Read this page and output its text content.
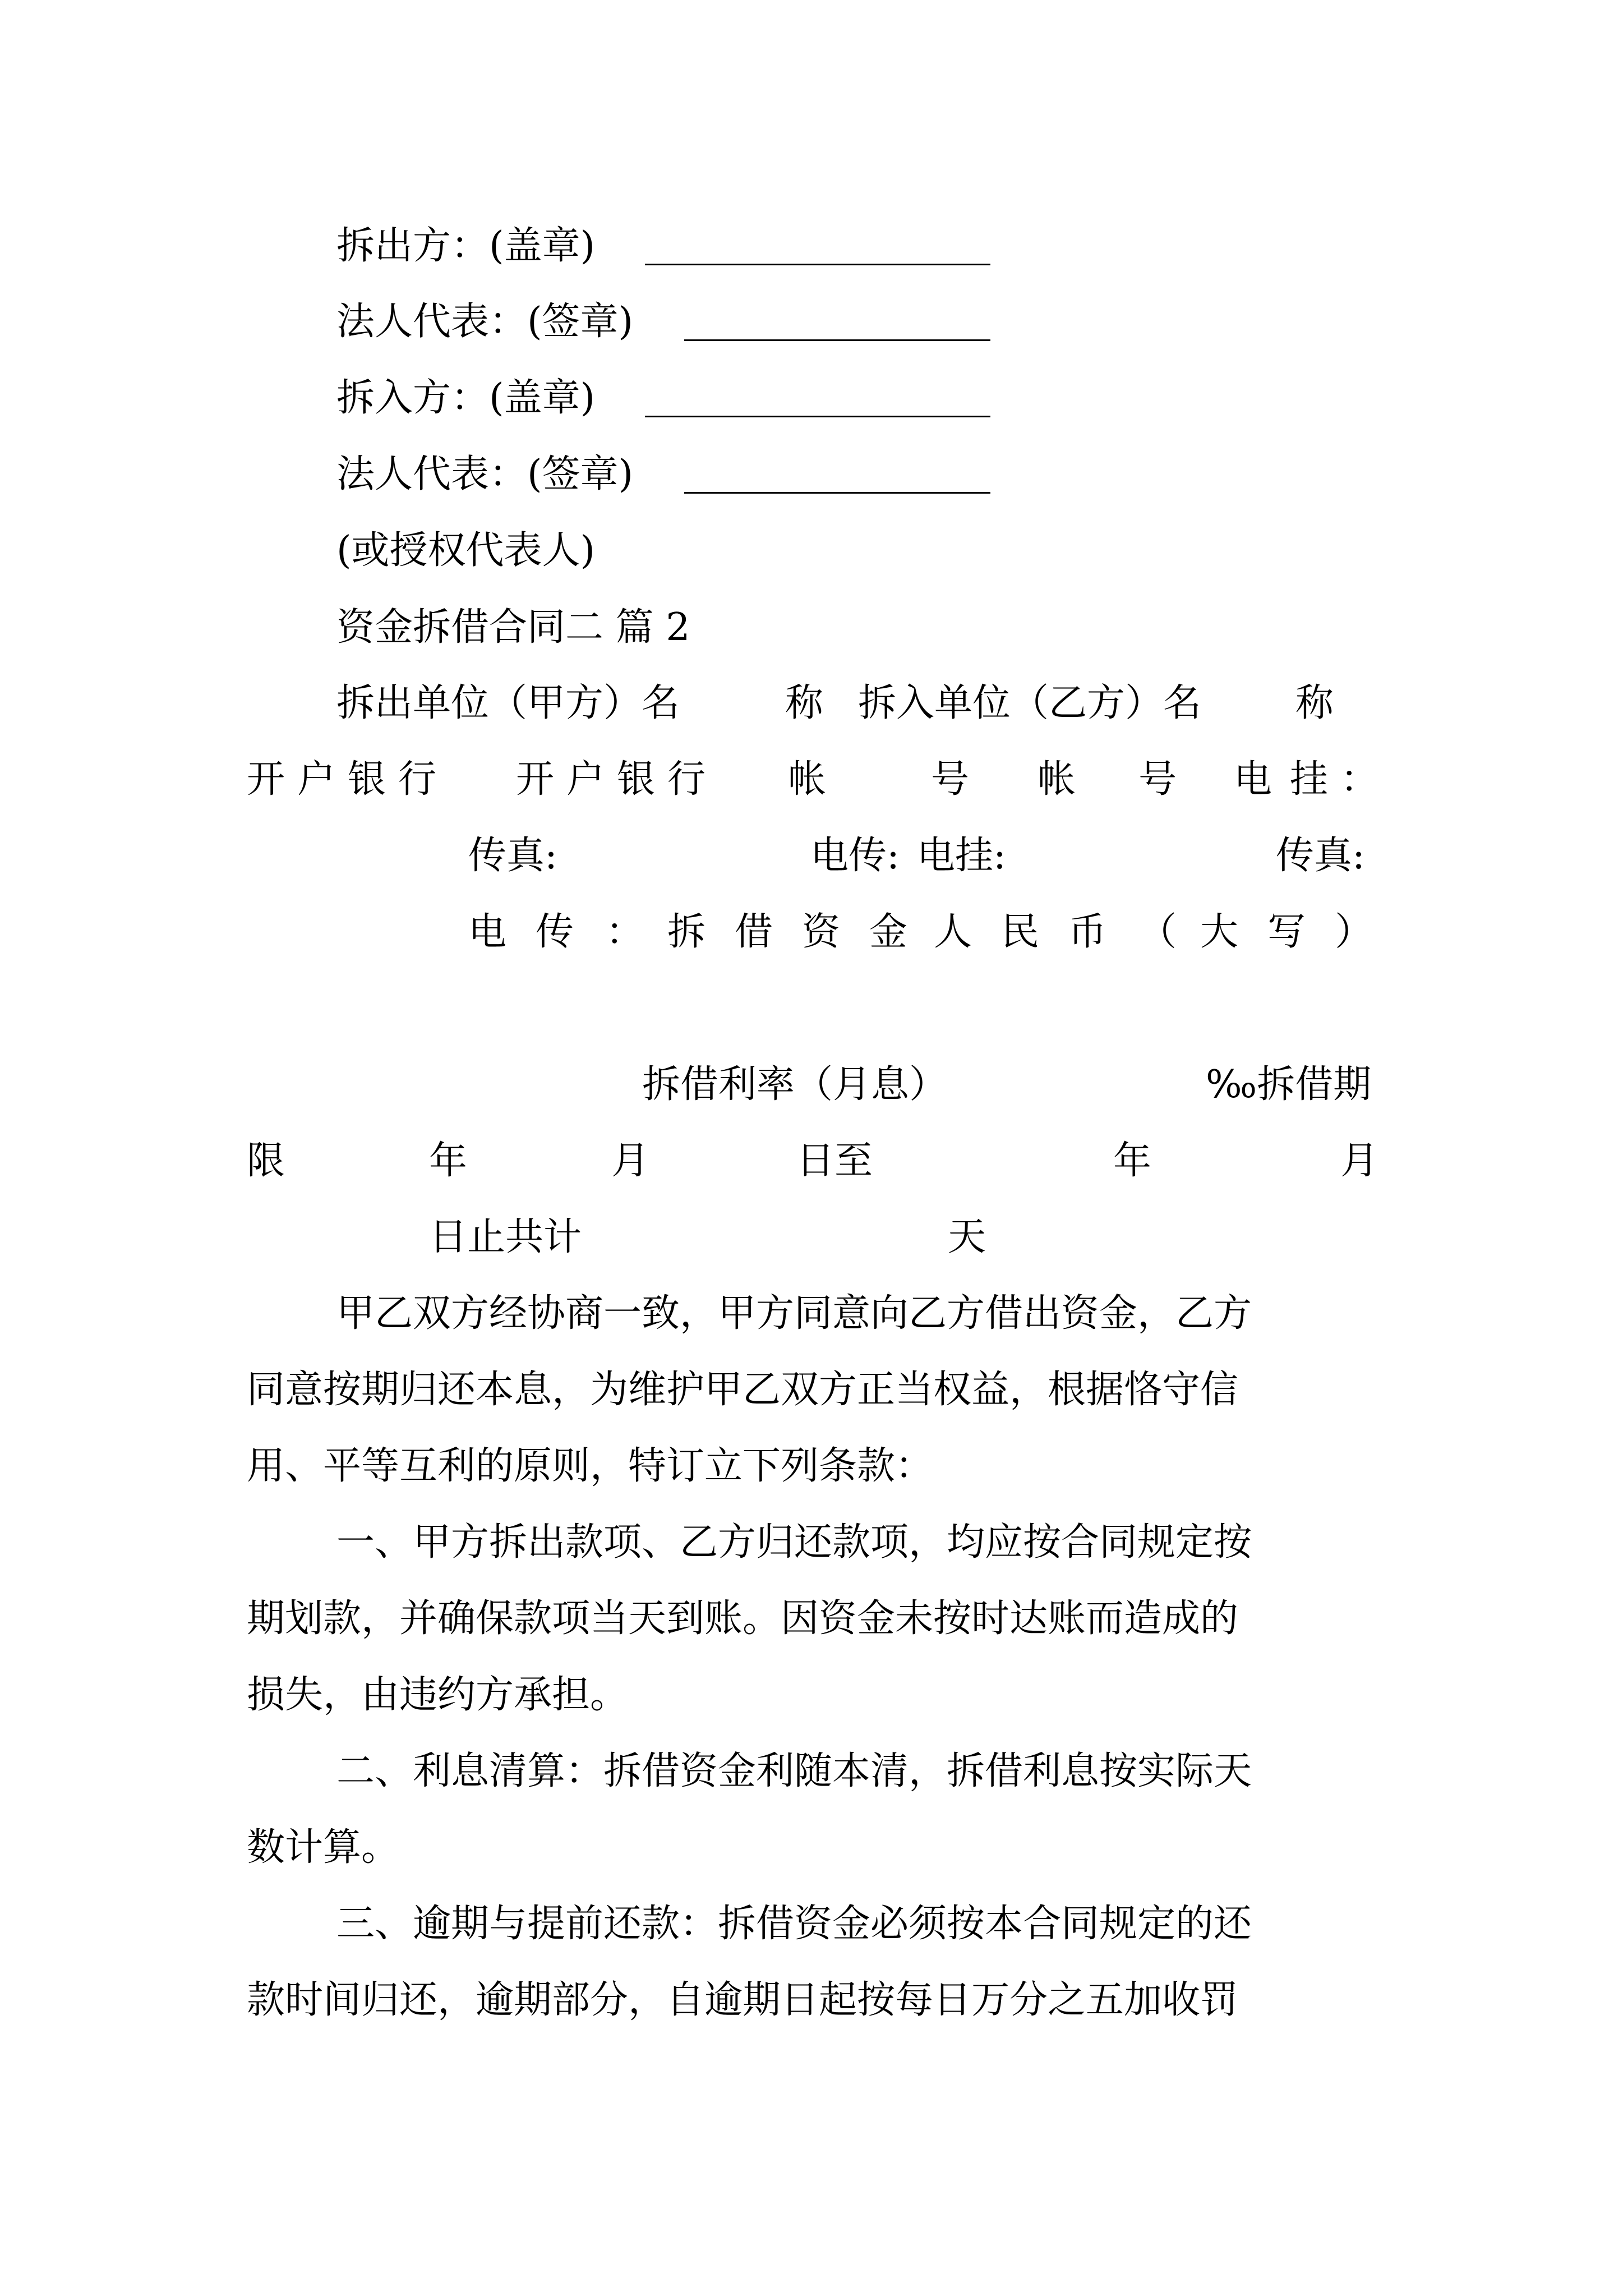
拆出方：(盖章)
法人代表：(签章)
拆入方：(盖章)
法人代表：(签章)
(或授权代表人)
资金拆借合同二 篇 2
拆出单位（甲方）名	称 拆入单位（乙方）名 称
开 户 银 行 开 户 银 行 帐	号 帐 号 电 挂 ：
传真:	电传: 电挂:	传真:
电 传 ： 拆 借 资 金 人 民 币 （ 大 写 ）
拆借利率（月息）	‰拆借期
限	年	月	日至	年	月
日止共计	天
甲乙双方经协商一致，甲方同意向乙方借出资金，乙方
同意按期归还本息，为维护甲乙双方正当权益，根据恪守信
用、平等互利的原则，特订立下列条款：
一、甲方拆出款项、乙方归还款项，均应按合同规定按
期划款，并确保款项当天到账。因资金未按时达账而造成的
损失，由违约方承担。
二、利息清算：拆借资金利随本清，拆借利息按实际天
数计算。
三、逾期与提前还款：拆借资金必须按本合同规定的还
款时间归还，逾期部分，自逾期日起按每日万分之五加收罚
